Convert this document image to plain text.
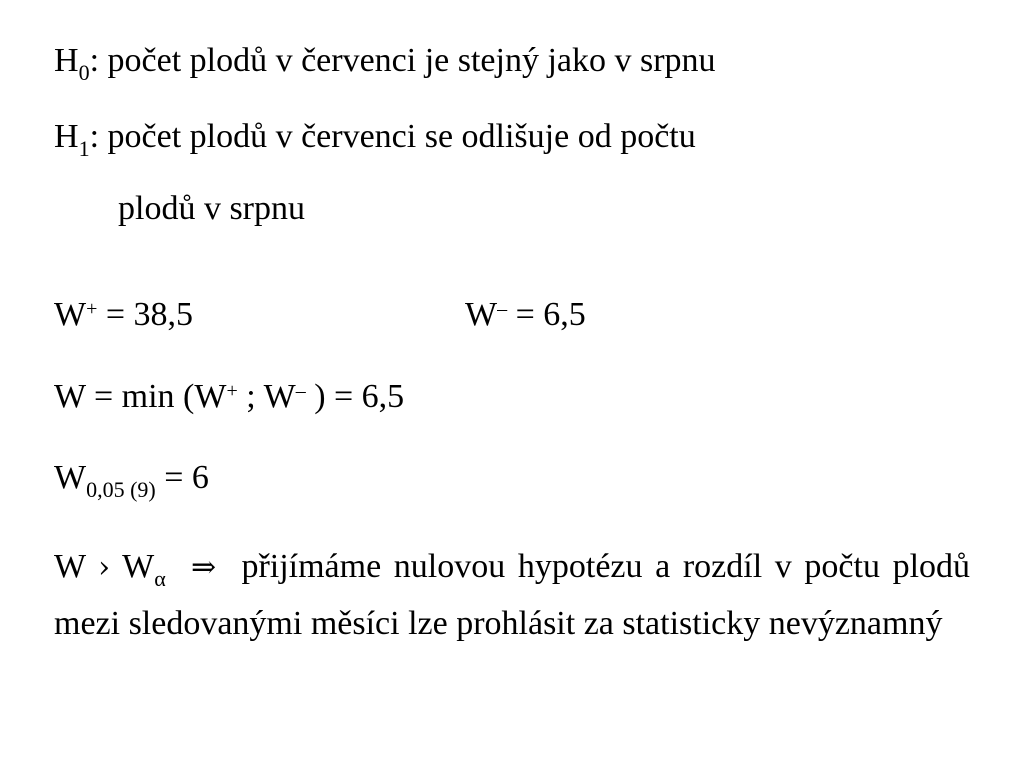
$H_0$: počet plodů v červenci je stejný jako v srpnu
$H_1$: počet plodů v červenci se odlišuje od počtu
plodů v srpnu
W+ = 38,5	W– = 6,5
W = min (W+ ; W– ) = 6,5
$W_{0,05 (9)} = 6$
W › $W_\alpha$ ⇒ přijímáme nulovou hypotézu a rozdíl v počtu plodů mezi sledovanými měsíci lze prohlásit za statisticky nevýznamný
